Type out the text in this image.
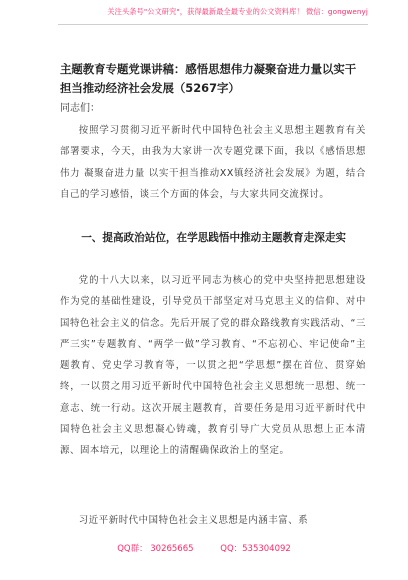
关注头条号"公文研究"，获得最新最全最专业的公文资料库！ 微信：gongwenyj
主题教育专题党课讲稿：感悟思想伟力凝聚奋进力量以实干担当推动经济社会发展（5267字）

同志们：

按照学习贯彻习近平新时代中国特色社会主义思想主题教育有关部署要求，今天，由我为大家讲一次专题党课下面，我以《感悟思想伟力 凝聚奋进力量 以实干担当推动XX镇经济社会发展》为题，结合自己的学习感悟，谈三个方面的体会，与大家共同交流探讨。

一、提高政治站位，在学思践悟中推动主题教育走深走实

党的十八大以来，以习近平同志为核心的党中央坚持把思想建设作为党的基础性建设，引导党员干部坚定对马克思主义的信仰、对中国特色社会主义的信念。先后开展了党的群众路线教育实践活动、“三严三实”专题教育、“两学一做”学习教育、“不忘初心、牢记使命”主题教育、党史学习教育等，一以贯之把“学思想”摆在首位、贯穿始终，一以贯之用习近平新时代中国特色社会主义思想统一思想、统一意志、统一行动。这次开展主题教育，首要任务是用习近平新时代中国特色社会主义思想凝心铸魂，教育引导广大党员从思想上正本清源、固本培元，以理论上的清醒确保政治上的坚定。

习近平新时代中国特色社会主义思想是内涵丰富、系

QQ群： 30265665	QQ：535304092
